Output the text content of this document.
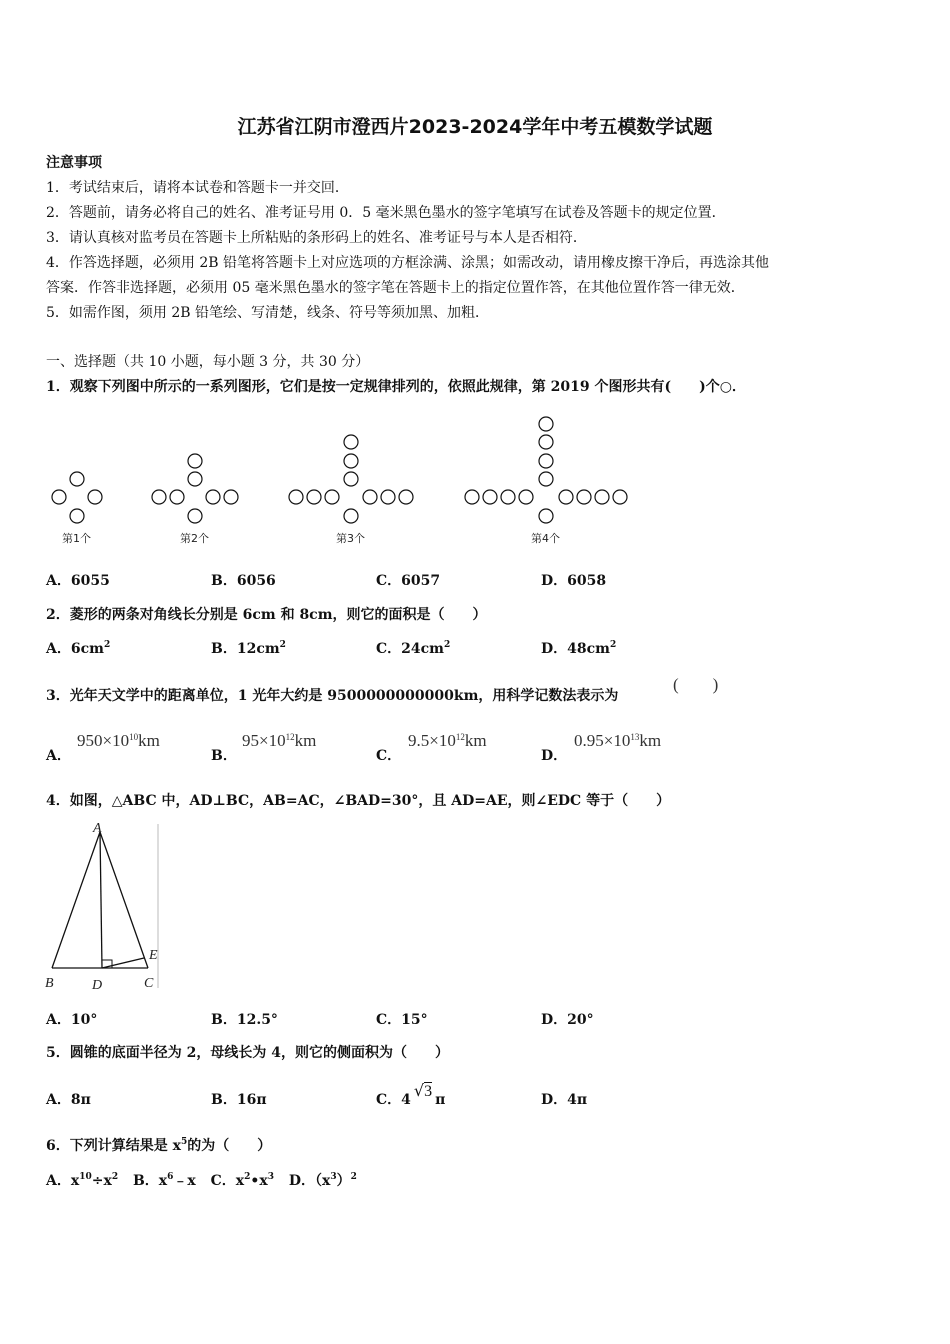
江苏省江阴市澄西片2023-2024学年中考五模数学试题
注意事项
1．考试结束后，请将本试卷和答题卡一并交回．
2．答题前，请务必将自己的姓名、准考证号用 0．5 毫米黑色墨水的签字笔填写在试卷及答题卡的规定位置．
3．请认真核对监考员在答题卡上所粘贴的条形码上的姓名、准考证号与本人是否相符．
4．作答选择题，必须用 2B 铅笔将答题卡上对应选项的方框涂满、涂黑；如需改动，请用橡皮擦干净后，再选涂其他
答案．作答非选择题，必须用 05 毫米黑色墨水的签字笔在答题卡上的指定位置作答，在其他位置作答一律无效．
5．如需作图，须用 2B 铅笔绘、写清楚，线条、符号等须加黑、加粗．
一、选择题（共 10 小题，每小题 3 分，共 30 分）
1．观察下列图中所示的一系列图形，它们是按一定规律排列的，依照此规律，第 2019 个图形共有(　　)个○．
第1个	第2个	第3个	第4个
A．6055	B．6056	C．6057	D．6058
2．菱形的两条对角线长分别是 6cm 和 8cm，则它的面积是（　　）
A．$6cm^2$	B．$12cm^2$	C．$24cm^2$	D．$48cm^2$
3．光年天文学中的距离单位，1 光年大约是 9500000000000km，用科学记数法表示为
(　　)
A．
$950\times 10^{10}km$
B．
$95\times 10^{12}km$
C．
$9.5\times 10^{12}km$
D．
$0.95\times 10^{13}km$
4．如图，△ABC 中，AD⊥BC，AB=AC，∠BAD=30°，且 AD=AE，则∠EDC 等于（　　）
A
B	D	C
E
A．10°	B．12.5°	C．15°	D．20°
5．圆锥的底面半径为 2，母线长为 4，则它的侧面积为（　　）
A．8π	B．16π	C．4 √3 π	D．4π
6．下列计算结果是 $x^5$的为（　　）
A．$x^{10}\div x^2$ B．$x^6﹣x$ C．$x^2•x^3$ D．$(x^3)^2$
